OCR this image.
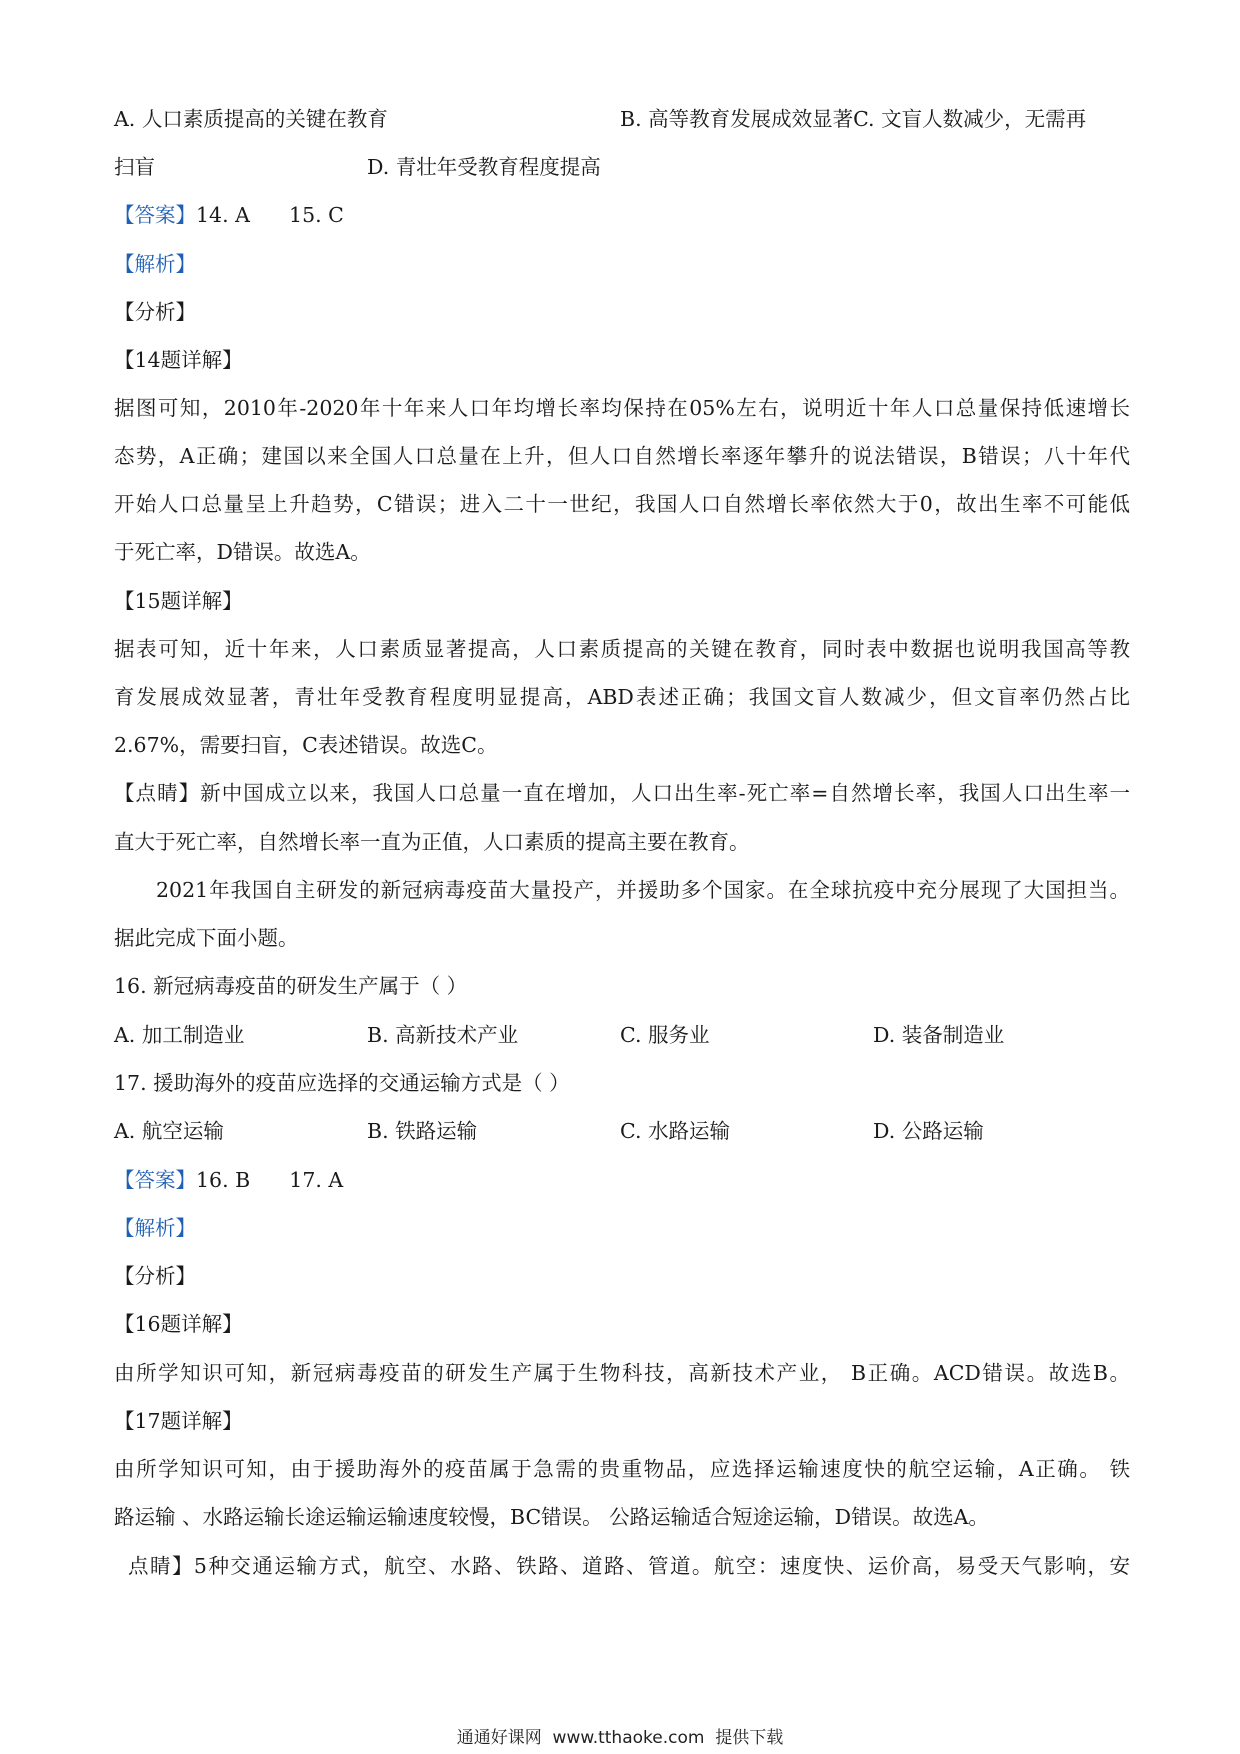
A. 人口素质提高的关键在教育	B. 高等教育发展成效显著C. 文盲人数减少，无需再
扫盲	D. 青壮年受教育程度提高
【答案】14. A      15. C
【解析】
【分析】
【14题详解】
据图可知，2010年-2020年十年来人口年均增长率均保持在05%左右，说明近十年人口总量保持低速增长
态势，A正确；建国以来全国人口总量在上升，但人口自然增长率逐年攀升的说法错误，B错误；八十年代
开始人口总量呈上升趋势，C错误；进入二十一世纪，我国人口自然增长率依然大于0，故出生率不可能低
于死亡率，D错误。故选A。
【15题详解】
据表可知，近十年来，人口素质显著提高，人口素质提高的关键在教育，同时表中数据也说明我国高等教
育发展成效显著，青壮年受教育程度明显提高，ABD表述正确；我国文盲人数减少，但文盲率仍然占比
2.67%，需要扫盲，C表述错误。故选C。
【点睛】新中国成立以来，我国人口总量一直在增加，人口出生率-死亡率=自然增长率，我国人口出生率一
直大于死亡率，自然增长率一直为正值，人口素质的提高主要在教育。
2021年我国自主研发的新冠病毒疫苗大量投产，并援助多个国家。在全球抗疫中充分展现了大国担当。
据此完成下面小题。
16. 新冠病毒疫苗的研发生产属于（ ）
A. 加工制造业	B. 高新技术产业	C. 服务业	D. 装备制造业
17. 援助海外的疫苗应选择的交通运输方式是（ ）
A. 航空运输	B. 铁路运输	C. 水路运输	D. 公路运输
【答案】16. B      17. A
【解析】
【分析】
【16题详解】
由所学知识可知，新冠病毒疫苗的研发生产属于生物科技，高新技术产业， B正确。ACD错误。故选B。
【17题详解】
由所学知识可知，由于援助海外的疫苗属于急需的贵重物品，应选择运输速度快的航空运输，A正确。 铁
路运输 、水路运输长途运输运输速度较慢，BC错误。 公路运输适合短途运输，D错误。故选A。
点睛】5种交通运输方式，航空、水路、铁路、道路、管道。航空：速度快、运价高，易受天气影响，安
通通好课网  www.tthaoke.com  提供下载
